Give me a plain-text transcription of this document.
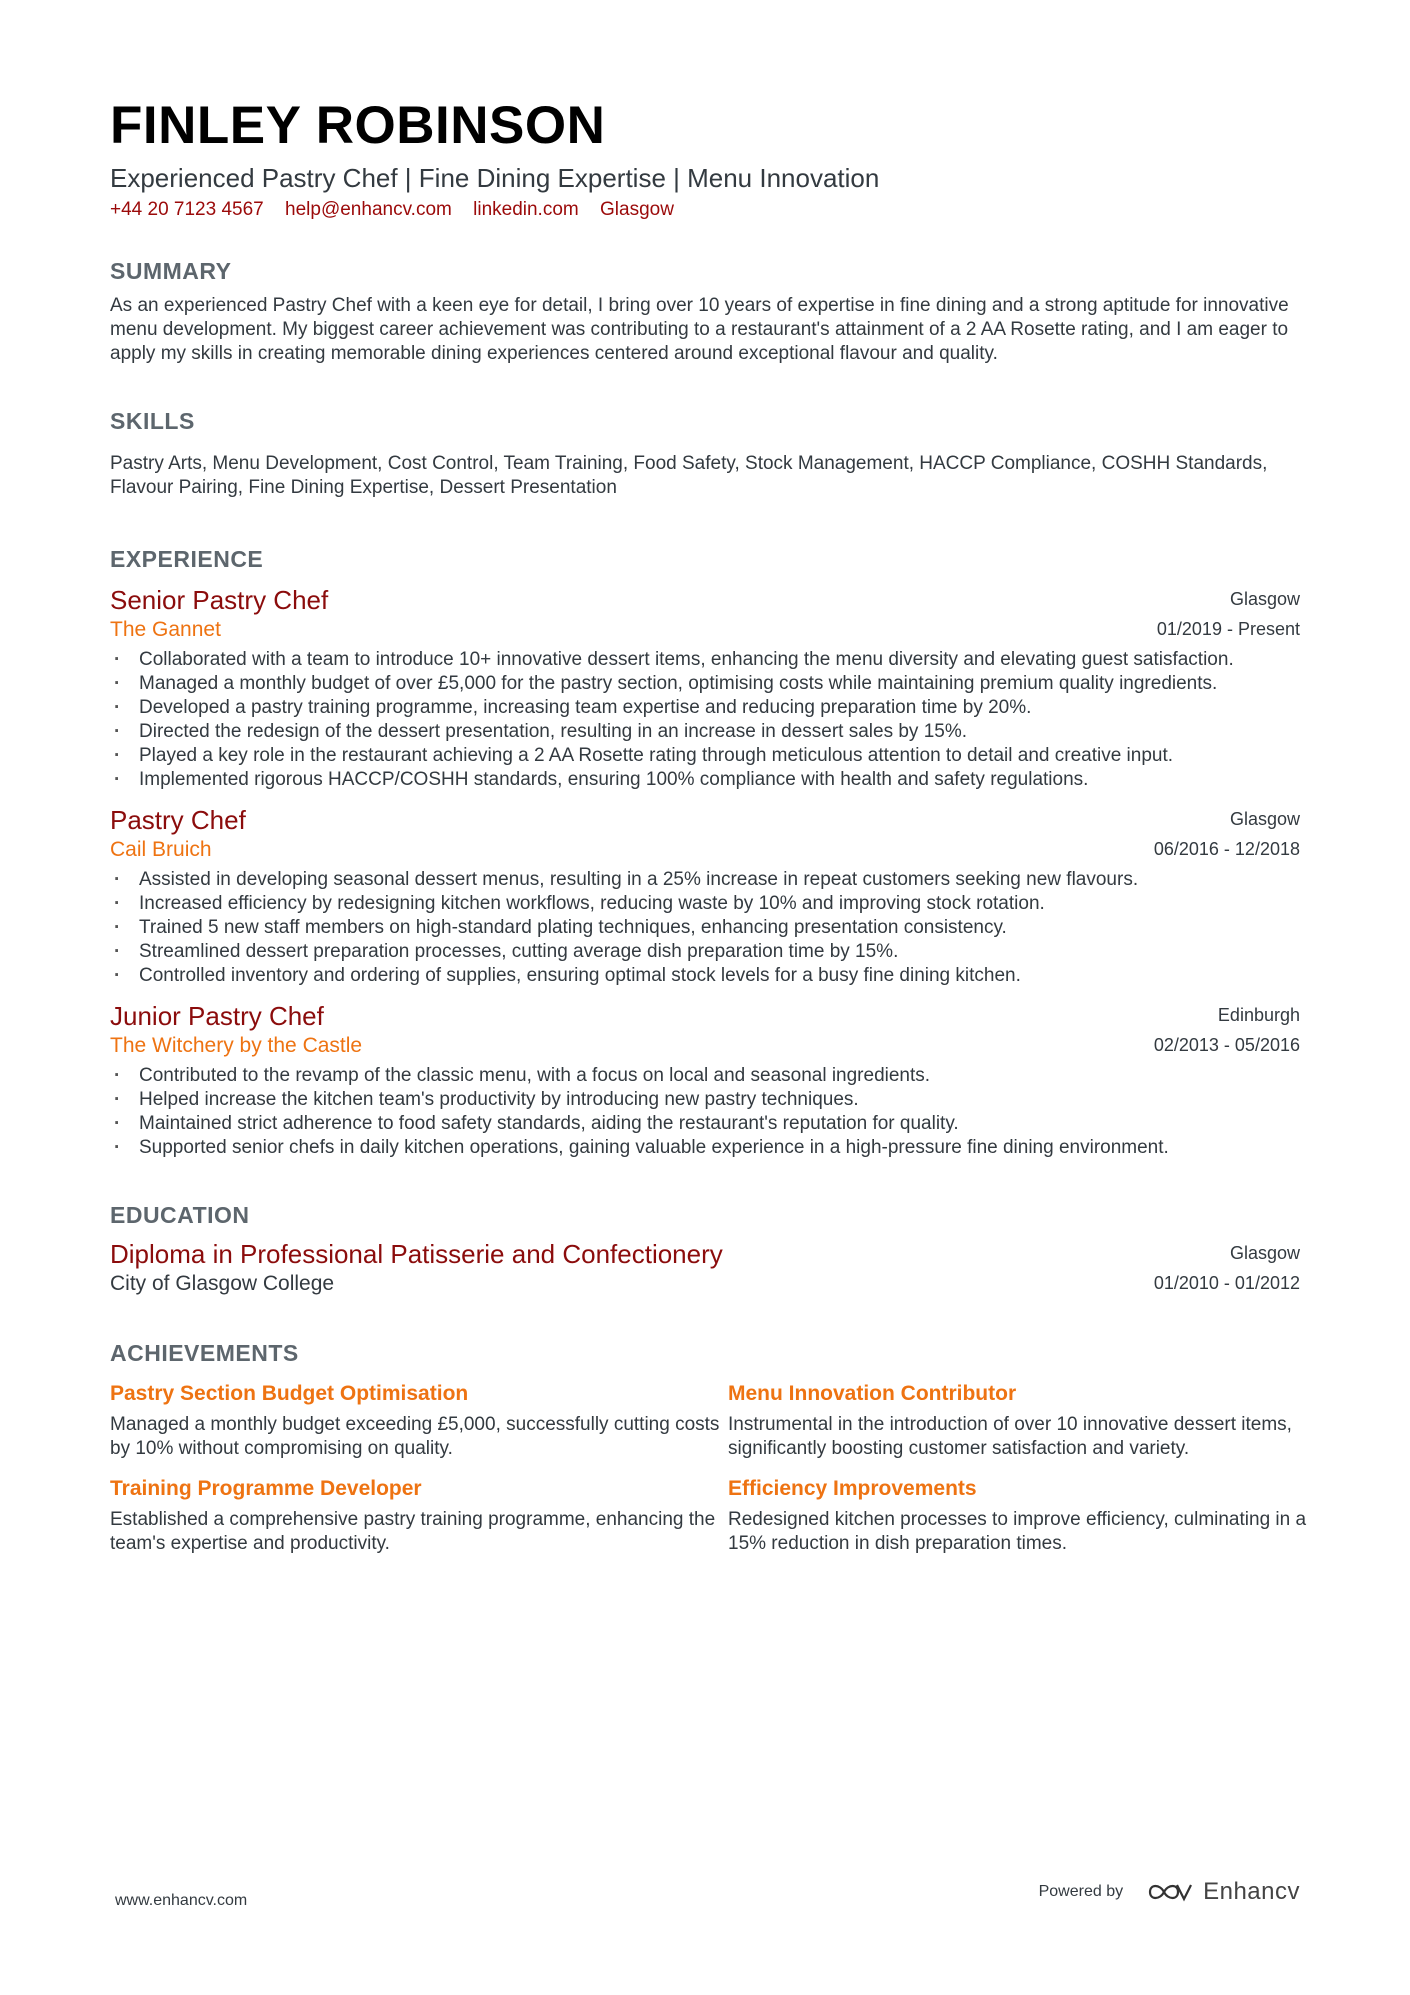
FINLEY ROBINSON
Experienced Pastry Chef | Fine Dining Expertise | Menu Innovation
+44 20 7123 4567 help@enhancv.com linkedin.com Glasgow
SUMMARY
As an experienced Pastry Chef with a keen eye for detail, I bring over 10 years of expertise in fine dining and a strong aptitude for innovative menu development. My biggest career achievement was contributing to a restaurant's attainment of a 2 AA Rosette rating, and I am eager to apply my skills in creating memorable dining experiences centered around exceptional flavour and quality.
SKILLS
Pastry Arts, Menu Development, Cost Control, Team Training, Food Safety, Stock Management, HACCP Compliance, COSHH Standards, Flavour Pairing, Fine Dining Expertise, Dessert Presentation
EXPERIENCE
Senior Pastry Chef
The Gannet
Glasgow
01/2019 - Present
· Collaborated with a team to introduce 10+ innovative dessert items, enhancing the menu diversity and elevating guest satisfaction.
· Managed a monthly budget of over £5,000 for the pastry section, optimising costs while maintaining premium quality ingredients.
· Developed a pastry training programme, increasing team expertise and reducing preparation time by 20%.
· Directed the redesign of the dessert presentation, resulting in an increase in dessert sales by 15%.
· Played a key role in the restaurant achieving a 2 AA Rosette rating through meticulous attention to detail and creative input.
· Implemented rigorous HACCP/COSHH standards, ensuring 100% compliance with health and safety regulations.
Pastry Chef
Cail Bruich
Glasgow
06/2016 - 12/2018
· Assisted in developing seasonal dessert menus, resulting in a 25% increase in repeat customers seeking new flavours.
· Increased efficiency by redesigning kitchen workflows, reducing waste by 10% and improving stock rotation.
· Trained 5 new staff members on high-standard plating techniques, enhancing presentation consistency.
· Streamlined dessert preparation processes, cutting average dish preparation time by 15%.
· Controlled inventory and ordering of supplies, ensuring optimal stock levels for a busy fine dining kitchen.
Junior Pastry Chef
The Witchery by the Castle
Edinburgh
02/2013 - 05/2016
· Contributed to the revamp of the classic menu, with a focus on local and seasonal ingredients.
· Helped increase the kitchen team's productivity by introducing new pastry techniques.
· Maintained strict adherence to food safety standards, aiding the restaurant's reputation for quality.
· Supported senior chefs in daily kitchen operations, gaining valuable experience in a high-pressure fine dining environment.
EDUCATION
Diploma in Professional Patisserie and Confectionery
City of Glasgow College
Glasgow
01/2010 - 01/2012
ACHIEVEMENTS
Pastry Section Budget Optimisation
Managed a monthly budget exceeding £5,000, successfully cutting costs by 10% without compromising on quality.
Menu Innovation Contributor
Instrumental in the introduction of over 10 innovative dessert items, significantly boosting customer satisfaction and variety.
Training Programme Developer
Established a comprehensive pastry training programme, enhancing the team's expertise and productivity.
Efficiency Improvements
Redesigned kitchen processes to improve efficiency, culminating in a 15% reduction in dish preparation times.
www.enhancv.com
Powered by	Enhancv
